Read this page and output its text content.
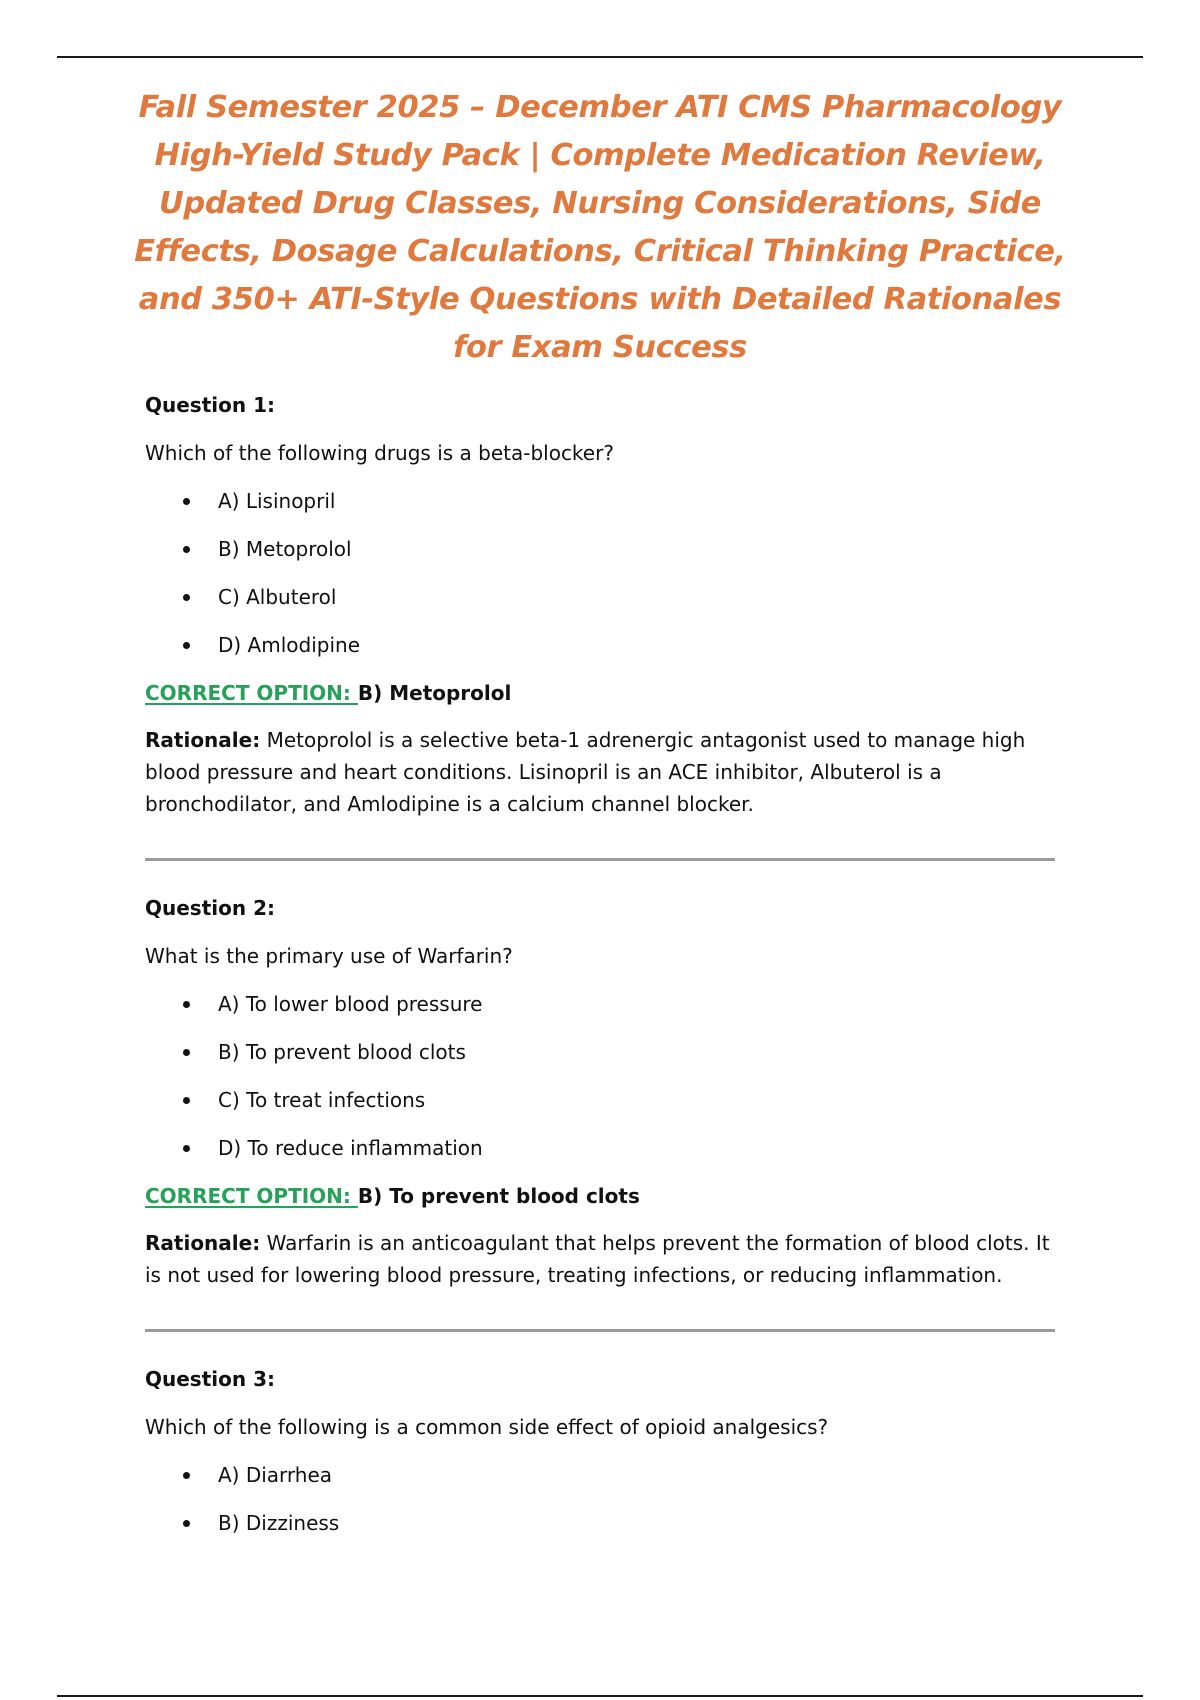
Fall Semester 2025 – December ATI CMS Pharmacology High-Yield Study Pack | Complete Medication Review, Updated Drug Classes, Nursing Considerations, Side Effects, Dosage Calculations, Critical Thinking Practice, and 350+ ATI-Style Questions with Detailed Rationales for Exam Success

Question 1:

Which of the following drugs is a beta-blocker?

A) Lisinopril
B) Metoprolol
C) Albuterol
D) Amlodipine

CORRECT OPTION: B) Metoprolol

Rationale: Metoprolol is a selective beta-1 adrenergic antagonist used to manage high blood pressure and heart conditions. Lisinopril is an ACE inhibitor, Albuterol is a bronchodilator, and Amlodipine is a calcium channel blocker.

Question 2:

What is the primary use of Warfarin?

A) To lower blood pressure
B) To prevent blood clots
C) To treat infections
D) To reduce inflammation

CORRECT OPTION: B) To prevent blood clots

Rationale: Warfarin is an anticoagulant that helps prevent the formation of blood clots. It is not used for lowering blood pressure, treating infections, or reducing inflammation.

Question 3:

Which of the following is a common side effect of opioid analgesics?

A) Diarrhea
B) Dizziness
